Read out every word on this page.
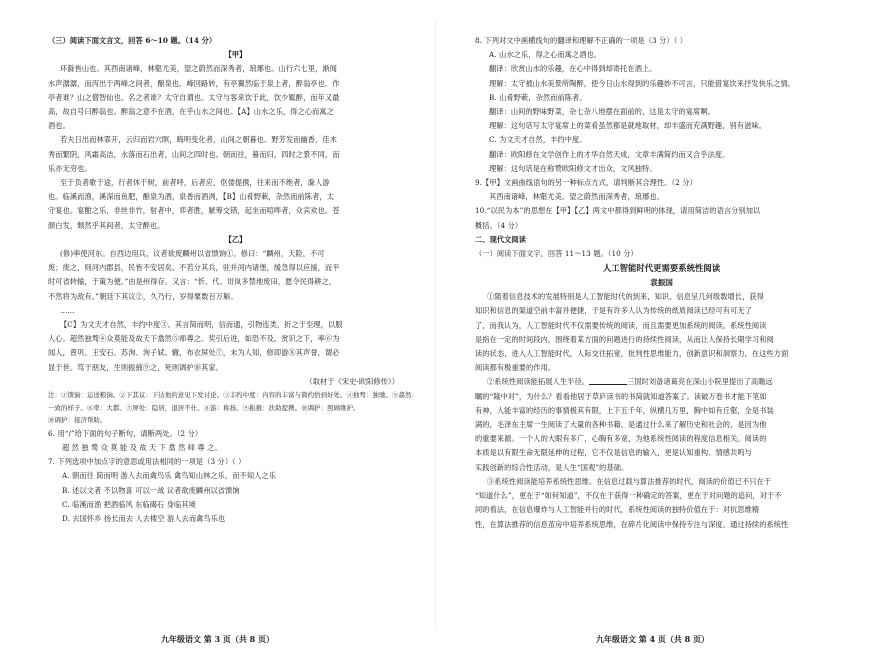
（三）阅读下面文言文，回答 6～10 题。（14 分）
【甲】
环滁皆山也。其西南诸峰，林壑尤美，望之蔚然而深秀者，琅琊也。山行六七里，渐闻
水声潺潺，而泻出于两峰之间者，酿泉也。峰回路转，有亭翼然临于泉上者，醉翁亭也。作
亭者谁？山之僧智仙也。名之者谁？太守自谓也。太守与客来饮于此，饮少辄醉，而年又最
高，故自号曰醉翁也。醉翁之意不在酒，在乎山水之间也。【A】山水之乐，得之心而寓之
酒也。
若夫日出而林霏开，云归而岩穴暝，晦明变化者，山间之朝暮也。野芳发而幽香，佳木
秀而繁阴，风霜高洁，水落而石出者，山间之四时也。朝而往，暮而归，四时之景不同，而
乐亦无穷也。
至于负者歌于途，行者休于树，前者呼，后者应，伛偻提携，往来而不绝者，滁人游
也。临溪而渔，溪深而鱼肥，酿泉为酒，泉香而酒洌，【B】山肴野蔌，杂然而前陈者，太
守宴也。宴酣之乐，非丝非竹，射者中，弈者胜，觥筹交错，起坐而喧哗者，众宾欢也。苍
颜白发，颓然乎其间者，太守醉也。
【乙】
(修)率使河东。自西边用兵，议者欲废麟州以省馈饷①。修曰：“麟州，天险，不可
废；废之，则河内郡县，民皆不安居矣。不若分其兵，驻并河内诸堡，缓急得以应援，而平
时可省转输，于策为便。”由是州得存。又言：“忻、代、岢岚多禁地废田，愿令民得耕之，
不然将为敌有。”朝廷下其议②，久乃行，岁得粟数百万斛。
……
【C】为文天才自然，丰约中度③。其言简而明，信而通，引物连类，折之于至理，以服
人心。超然独骛④众莫能及故天下翕然⑤师尊之。奖引后进，如恐不及，赏识之下，率⑥为
闻人，曾巩、王安石、苏洵、洵子轼、辙，布衣屏处⑦，未为人知，修即游⑧其声誉，谓必
显于世。笃于朋友，生则振掖⑨之，死则调护⑩其家。
（取材于《宋史·欧阳修传》）
注：①馈饷：运送粮饷。②下其议：下达他的意见下发讨论。③丰约中度：内容的丰富与简约恰到好处。④独骛：独驰。⑤翕然：
一致的样子。⑥率：大都。⑦屏处：隐居，退居不仕。⑧游：称扬。⑨振掖：扶助提携。⑩调护：照顾维护。
⑩调护：接济帮助。
6. 用“/”给下面的句子断句，请断两处。（2 分）
超 然 独 骛 众 莫 能 及 故 天 下 翕 然 师 尊 之。
7. 下列选项中加点字的意思或用法相同的一项是（3 分）（ ）
A. 朝而往 简而明 游人去而禽鸟乐 禽鸟知山林之乐，而不知人之乐
B. 述以文者 不以物喜 可以一战 议者欲废麟州以省馈饷
C. 临溪而渔 把酒临风 东临碣石 身临其境
D. 去国怀乡 扬长而去 人去楼空 游人去而禽鸟乐也
九年级语文 第 3 页（共 8 页）
8. 下列对文中画横线句的翻译和理解不正确的一项是（3 分）（ ）
A. 山水之乐，得之心而寓之酒也。
翻译：欣赏山水的乐趣，在心中得到却寄托在酒上。
理解：太守被山水美景所陶醉，使今日山水得到的乐趣妙不可言，只能借宴饮来抒发快乐之情。
B. 山肴野蔌，杂然而前陈者。
翻译：山间的野味野菜，杂七杂八地摆在面前的，这是太守的宴席啊。
理解：这句话写太守宴席上的菜肴虽然都是就地取材，却丰盛而充满野趣，别有滋味。
C. 为文天才自然，丰约中度。
翻译：欧阳修在文学创作上的才华自然天成，文章丰满简约而又合乎法度。
理解：这句话是在称赞欧阳修文才出众，文风独特。
9.【甲】文画曲线语句的另一种标点方式，请判断其合理性。（2 分）
其西南诸峰，林壑尤美。望之蔚然而深秀者，琅琊也。
10.“以民为本”的思想在【甲】【乙】两文中都得到鲜明的体现，请用简洁的语言分别加以
概括。（4 分）
二、现代文阅读
（一）阅读下面文字，回答 11～13 题。（10 分）
人工智能时代更需要系统性阅读
袁振国
①随着信息技术的发展特别是人工智能时代的到来，知识、信息呈几何级数增长，获得
知识和信息的渠道空前丰富并便捷，于是有许多人认为传统的纸质阅读已经可有可无了
了，而我认为，人工智能时代不仅需要传统的阅读，而且需要更加系统的阅读。系统性阅读
是指在一定的时间段内，围绕着某方面的问题进行的持续性阅读，从而让人保持长期学习和阅
读的状态，进入人工智能时代，人际交往拓宽，批判性思维能力，创新意识和洞察力，在这些方面
阅读都有极重要的作用。
②系统性阅读能拓展人生半径。	三国时刘备诸葛亮在深山小院里提出了高瞻远
瞩的“隆中对”，为什么？看看他居于草庐读书的书简就知道答案了。读破万卷书才能下笔如
有神，人能丰富的经历的事情极其有限，上下五千年，纵横几万里，胸中如有丘壑，全是书装
满的，毛泽东主席一生阅读了大量的各种书籍，是通过什么来了解历史和社会的，是因为他
的重要来源。一个人的大眼有多广，心胸有多宽，为他系统性阅读的程度信息相关。阅读的
本质是以有限生命无限延伸的过程，它不仅是信息的输入，更是认知重构、情感共鸣与
实践创新的综合性活动，是人生“国观”的基础。
③系统性阅读能培养系统性思维。在信息过载与算法推荐的时代，阅读的价值已不只在于
“知道什么”，更在于“如何知道”，不仅在于获得一种确定的答案，更在于对问题的追问，对于不
同的看法，在信息爆炸与人工智能并行的时代，系统性阅读的独特价值在于：对抗思维精
性，在算法推荐的信息茧房中培养系统思维，在碎片化阅读中保持专注与深度。通过持续的系统性
九年级语文 第 4 页（共 8 页）
